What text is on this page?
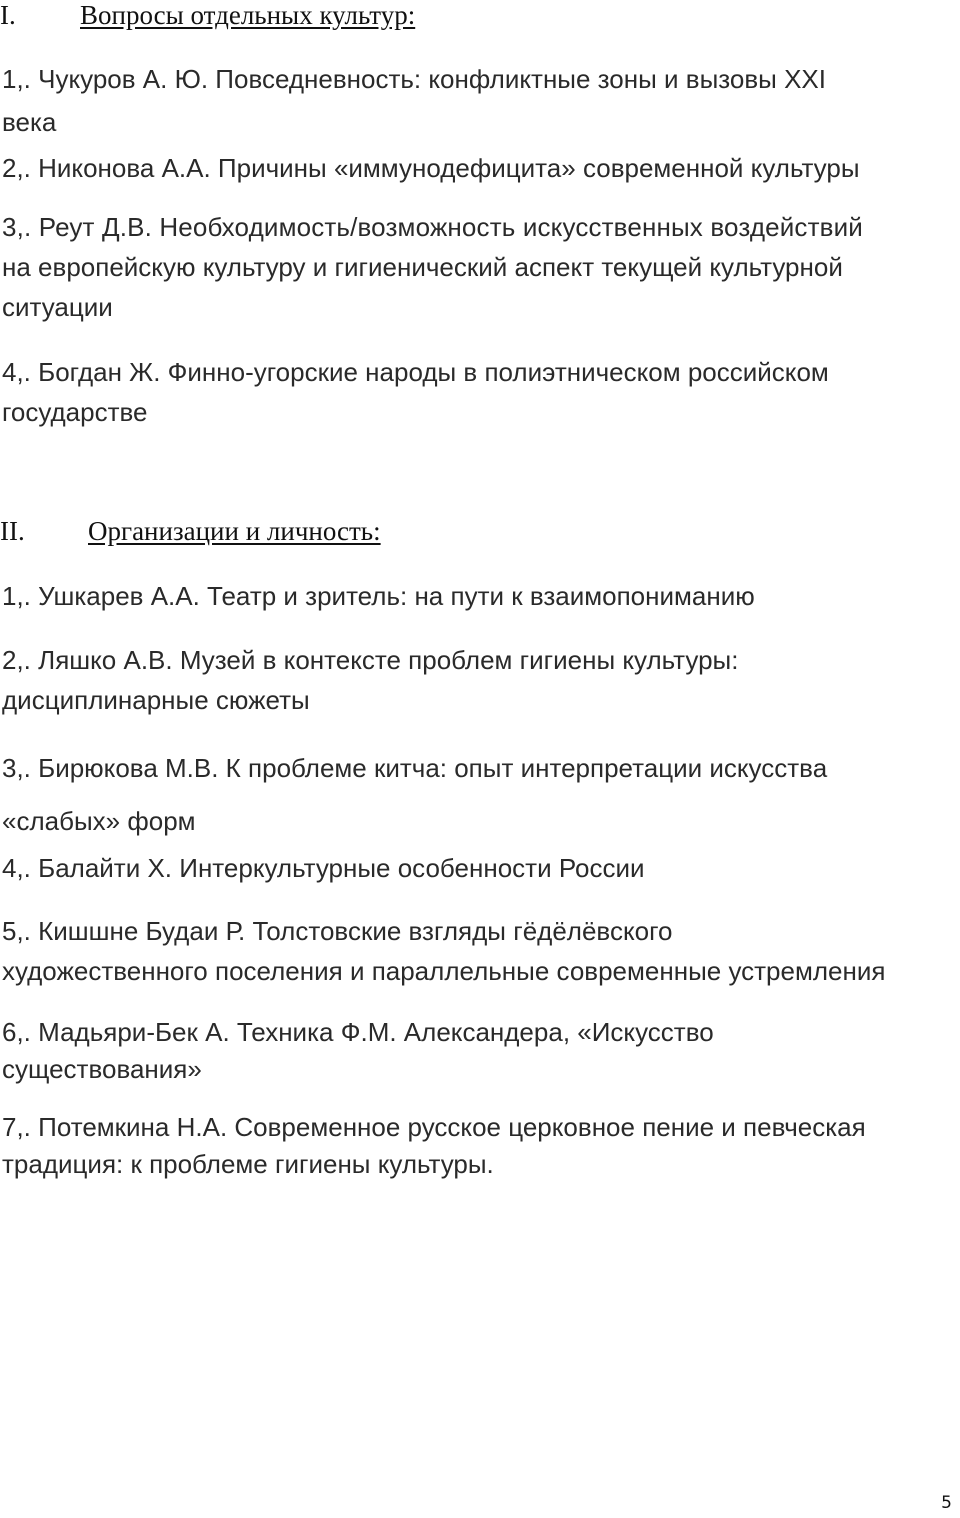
I. Вопросы отдельных культур:
1,. Чукуров А. Ю. Повседневность: конфликтные зоны и вызовы XXI
века
2,. Никонова А.А. Причины «иммунодефицита» современной культуры
3,. Реут Д.В. Необходимость/возможность искусственных воздействий
на европейскую культуру и гигиенический аспект текущей культурной
ситуации
4,. Богдан Ж. Финно-угорские народы в полиэтническом российском
государстве
II. Организации и личность:
1,. Ушкарев А.А. Театр и зритель: на пути к взаимопониманию
2,. Ляшко А.В. Музей в контексте проблем гигиены культуры:
дисциплинарные сюжеты
3,. Бирюкова М.В. К проблеме китча: опыт интерпретации искусства
«слабых» форм
4,. Балайти Х. Интеркультурные особенности России
5,. Кишшне Будаи Р. Толстовские взгляды гёдёлёвского
художественного поселения и параллельные современные устремления
6,. Мадьяри-Бек А. Техника Ф.М. Александера, «Искусство
существования»
7,. Потемкина Н.А. Современное русское церковное пение и певческая
традиция: к проблеме гигиены культуры.
5
